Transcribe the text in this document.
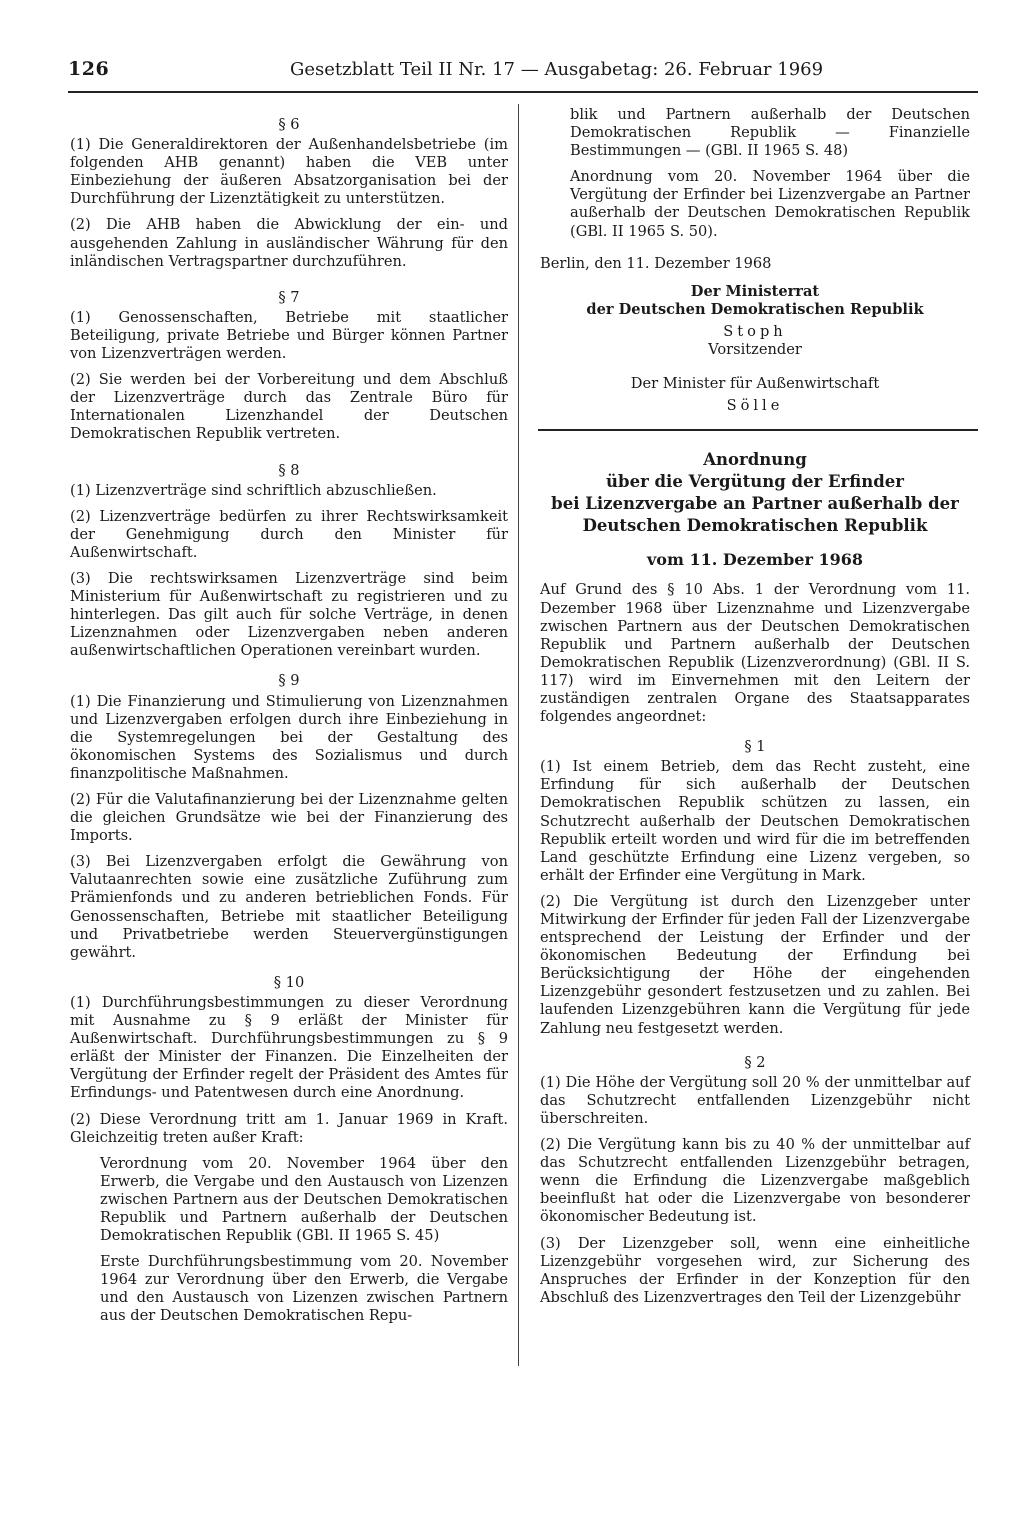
126	Gesetzblatt Teil II Nr. 17 — Ausgabetag: 26. Februar 1969
§ 6

(1) Die Generaldirektoren der Außenhandelsbetriebe (im folgenden AHB genannt) haben die VEB unter Einbeziehung der äußeren Absatzorganisation bei der Durchführung der Lizenztätigkeit zu unterstützen.

(2) Die AHB haben die Abwicklung der ein- und ausgehenden Zahlung in ausländischer Währung für den inländischen Vertragspartner durchzuführen.

§ 7

(1) Genossenschaften, Betriebe mit staatlicher Beteiligung, private Betriebe und Bürger können Partner von Lizenzverträgen werden.

(2) Sie werden bei der Vorbereitung und dem Abschluß der Lizenzverträge durch das Zentrale Büro für Internationalen Lizenzhandel der Deutschen Demokratischen Republik vertreten.

§ 8

(1) Lizenzverträge sind schriftlich abzuschließen.

(2) Lizenzverträge bedürfen zu ihrer Rechtswirksamkeit der Genehmigung durch den Minister für Außenwirtschaft.

(3) Die rechtswirksamen Lizenzverträge sind beim Ministerium für Außenwirtschaft zu registrieren und zu hinterlegen. Das gilt auch für solche Verträge, in denen Lizenznahmen oder Lizenzvergaben neben anderen außenwirtschaftlichen Operationen vereinbart wurden.

§ 9

(1) Die Finanzierung und Stimulierung von Lizenznahmen und Lizenzvergaben erfolgen durch ihre Einbeziehung in die Systemregelungen bei der Gestaltung des ökonomischen Systems des Sozialismus und durch finanzpolitische Maßnahmen.

(2) Für die Valutafinanzierung bei der Lizenznahme gelten die gleichen Grundsätze wie bei der Finanzierung des Imports.

(3) Bei Lizenzvergaben erfolgt die Gewährung von Valutaanrechten sowie eine zusätzliche Zuführung zum Prämienfonds und zu anderen betrieblichen Fonds. Für Genossenschaften, Betriebe mit staatlicher Beteiligung und Privatbetriebe werden Steuervergünstigungen gewährt.

§ 10

(1) Durchführungsbestimmungen zu dieser Verordnung mit Ausnahme zu § 9 erläßt der Minister für Außenwirtschaft. Durchführungsbestimmungen zu § 9 erläßt der Minister der Finanzen. Die Einzelheiten der Vergütung der Erfinder regelt der Präsident des Amtes für Erfindungs- und Patentwesen durch eine Anordnung.

(2) Diese Verordnung tritt am 1. Januar 1969 in Kraft. Gleichzeitig treten außer Kraft:

Verordnung vom 20. November 1964 über den Erwerb, die Vergabe und den Austausch von Lizenzen zwischen Partnern aus der Deutschen Demokratischen Republik und Partnern außerhalb der Deutschen Demokratischen Republik (GBl. II 1965 S. 45)

Erste Durchführungsbestimmung vom 20. November 1964 zur Verordnung über den Erwerb, die Vergabe und den Austausch von Lizenzen zwischen Partnern aus der Deutschen Demokratischen Repu-

blik und Partnern außerhalb der Deutschen Demokratischen Republik — Finanzielle Bestimmungen — (GBl. II 1965 S. 48)

Anordnung vom 20. November 1964 über die Vergütung der Erfinder bei Lizenzvergabe an Partner außerhalb der Deutschen Demokratischen Republik (GBl. II 1965 S. 50).

Berlin, den 11. Dezember 1968

Der Ministerrat

der Deutschen Demokratischen Republik

Stoph

Vorsitzender

Der Minister für Außenwirtschaft

Sölle

Anordnung

über die Vergütung der Erfinder

bei Lizenzvergabe an Partner außerhalb der

Deutschen Demokratischen Republik

vom 11. Dezember 1968

Auf Grund des § 10 Abs. 1 der Verordnung vom 11. Dezember 1968 über Lizenznahme und Lizenzvergabe zwischen Partnern aus der Deutschen Demokratischen Republik und Partnern außerhalb der Deutschen Demokratischen Republik (Lizenzverordnung) (GBl. II S. 117) wird im Einvernehmen mit den Leitern der zuständigen zentralen Organe des Staatsapparates folgendes angeordnet:

§ 1

(1) Ist einem Betrieb, dem das Recht zusteht, eine Erfindung für sich außerhalb der Deutschen Demokratischen Republik schützen zu lassen, ein Schutzrecht außerhalb der Deutschen Demokratischen Republik erteilt worden und wird für die im betreffenden Land geschützte Erfindung eine Lizenz vergeben, so erhält der Erfinder eine Vergütung in Mark.

(2) Die Vergütung ist durch den Lizenzgeber unter Mitwirkung der Erfinder für jeden Fall der Lizenzvergabe entsprechend der Leistung der Erfinder und der ökonomischen Bedeutung der Erfindung bei Berücksichtigung der Höhe der eingehenden Lizenzgebühr gesondert festzusetzen und zu zahlen. Bei laufenden Lizenzgebühren kann die Vergütung für jede Zahlung neu festgesetzt werden.

§ 2

(1) Die Höhe der Vergütung soll 20 % der unmittelbar auf das Schutzrecht entfallenden Lizenzgebühr nicht überschreiten.

(2) Die Vergütung kann bis zu 40 % der unmittelbar auf das Schutzrecht entfallenden Lizenzgebühr betragen, wenn die Erfindung die Lizenzvergabe maßgeblich beeinflußt hat oder die Lizenzvergabe von besonderer ökonomischer Bedeutung ist.

(3) Der Lizenzgeber soll, wenn eine einheitliche Lizenzgebühr vorgesehen wird, zur Sicherung des Anspruches der Erfinder in der Konzeption für den Abschluß des Lizenzvertrages den Teil der Lizenzgebühr
